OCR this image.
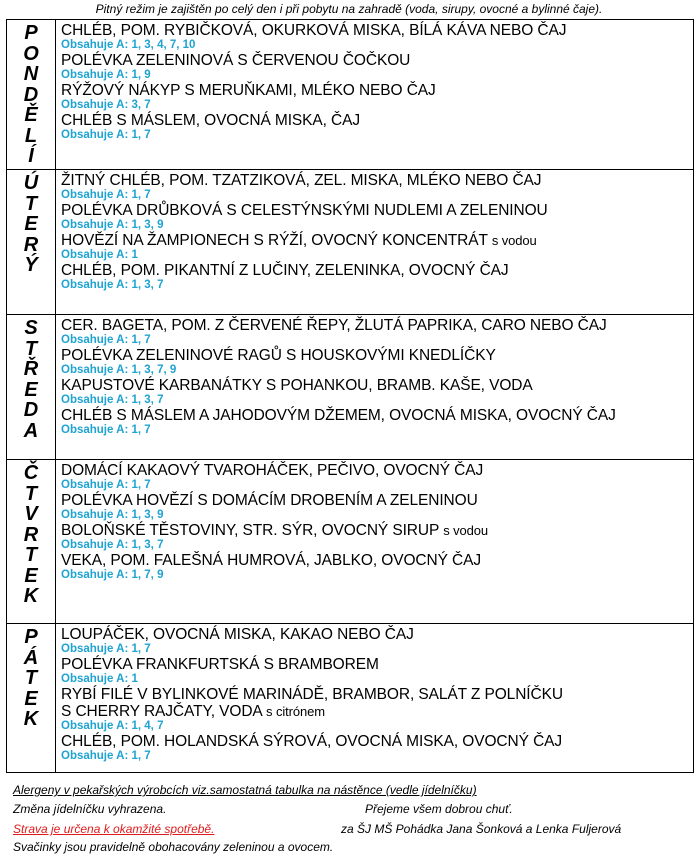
Pitný režim je zajištěn po celý den i při pobytu na zahradě (voda, sirupy, ovocné a bylinné čaje).
P
O
N
D
Ě
L
Í
CHLÉB, POM. RYBIČKOVÁ, OKURKOVÁ MISKA, BÍLÁ KÁVA NEBO ČAJ
Obsahuje A: 1, 3, 4, 7, 10
POLÉVKA ZELENINOVÁ S ČERVENOU ČOČKOU
Obsahuje A: 1, 9
RÝŽOVÝ NÁKYP S MERUŇKAMI, MLÉKO NEBO ČAJ
Obsahuje A: 3, 7
CHLÉB S MÁSLEM, OVOCNÁ MISKA, ČAJ
Obsahuje A: 1, 7
Ú
T
E
R
Ý
ŽITNÝ CHLÉB, POM. TZATZIKOVÁ, ZEL. MISKA, MLÉKO NEBO ČAJ
Obsahuje A: 1, 7
POLÉVKA DRŮBKOVÁ S CELESTÝNSKÝMI NUDLEMI A ZELENINOU
Obsahuje A: 1, 3, 9
HOVĚZÍ NA ŽAMPIONECH S RÝŽÍ, OVOCNÝ KONCENTRÁT s vodou
Obsahuje A: 1
CHLÉB, POM. PIKANTNÍ Z LUČINY, ZELENINKA, OVOCNÝ ČAJ
Obsahuje A: 1, 3, 7
S
T
Ř
E
D
A
CER. BAGETA, POM. Z ČERVENÉ ŘEPY, ŽLUTÁ PAPRIKA, CARO NEBO ČAJ
Obsahuje A: 1, 7
POLÉVKA ZELENINOVÉ RAGŮ S HOUSKOVÝMI KNEDLÍČKY
Obsahuje A: 1, 3, 7, 9
KAPUSTOVÉ KARBANÁTKY S POHANKOU, BRAMB. KAŠE, VODA
Obsahuje A: 1, 3, 7
CHLÉB S MÁSLEM A JAHODOVÝM DŽEMEM, OVOCNÁ MISKA, OVOCNÝ ČAJ
Obsahuje A: 1, 7
Č
T
V
R
T
E
K
DOMÁCÍ KAKAOVÝ TVAROHÁČEK, PEČIVO, OVOCNÝ ČAJ
Obsahuje A: 1, 7
POLÉVKA HOVĚZÍ S DOMÁCÍM DROBENÍM A ZELENINOU
Obsahuje A: 1, 3, 9
BOLOŇSKÉ TĚSTOVINY, STR. SÝR, OVOCNÝ SIRUP s vodou
Obsahuje A: 1, 3, 7
VEKA, POM. FALEŠNÁ HUMROVÁ, JABLKO, OVOCNÝ ČAJ
Obsahuje A: 1, 7, 9
P
Á
T
E
K
LOUPÁČEK, OVOCNÁ MISKA, KAKAO NEBO ČAJ
Obsahuje A: 1, 7
POLÉVKA FRANKFURTSKÁ S BRAMBOREM
Obsahuje A: 1
RYBÍ FILÉ V BYLINKOVÉ MARINÁDĚ, BRAMBOR, SALÁT Z POLNÍČKU
S CHERRY RAJČATY, VODA s citrónem
Obsahuje A: 1, 4, 7
CHLÉB, POM. HOLANDSKÁ SÝROVÁ, OVOCNÁ MISKA, OVOCNÝ ČAJ
Obsahuje A: 1, 7
Alergeny v pekařských výrobcích viz.samostatná tabulka na nástěnce (vedle jídelníčku)
Změna jídelníčku vyhrazena.	Přejeme všem dobrou chuť.
Strava je určena k okamžité spotřebě.	za ŠJ MŠ Pohádka Jana Šonková a Lenka Fuljerová
Svačinky jsou pravidelně obohacovány zeleninou a ovocem.
